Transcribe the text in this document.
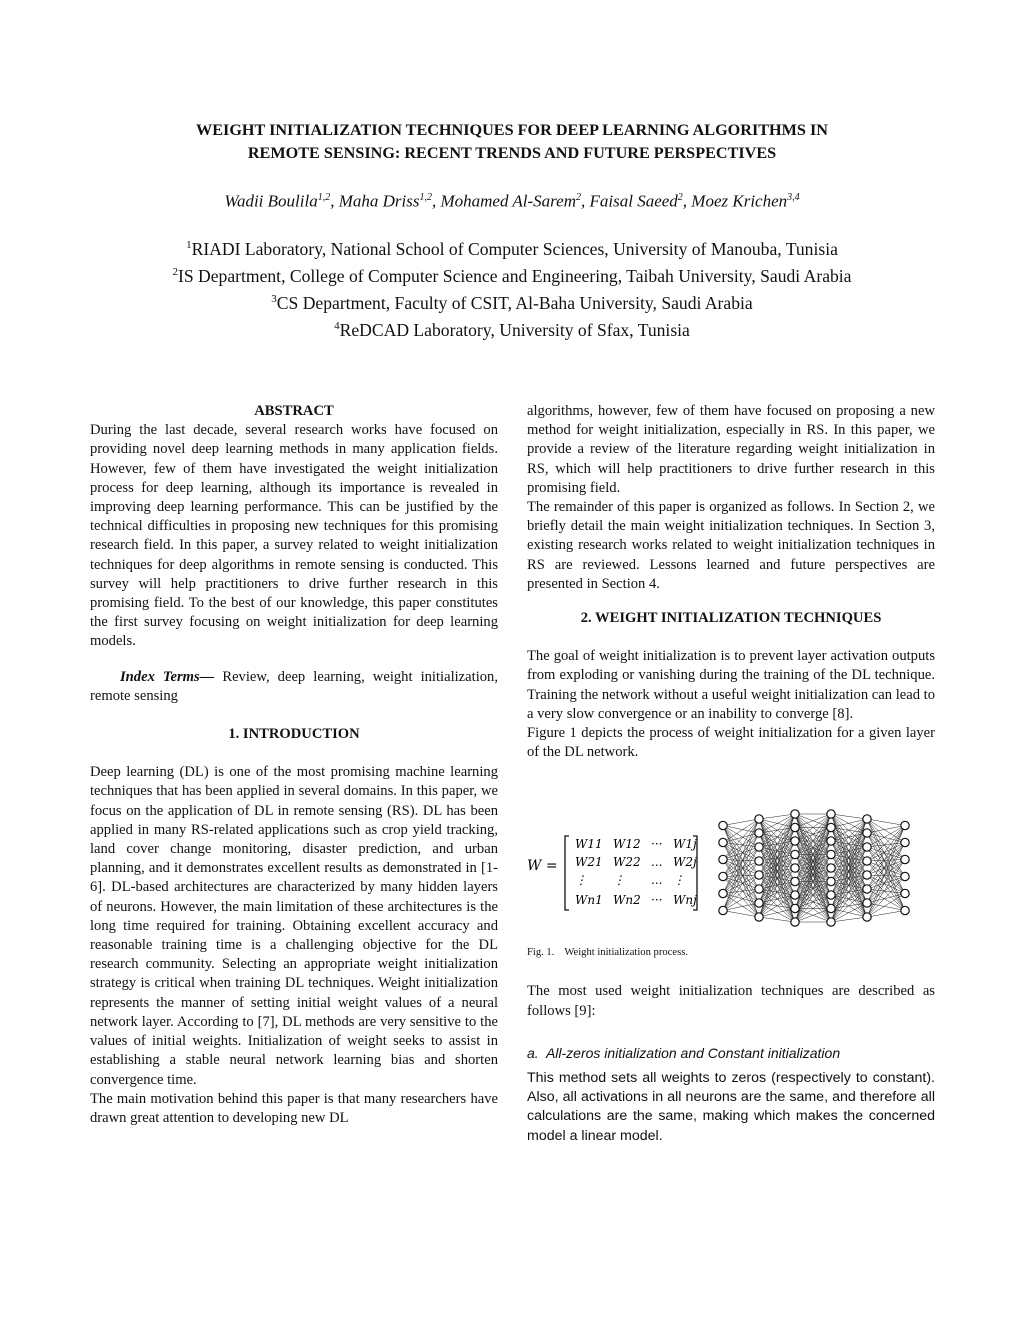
WEIGHT INITIALIZATION TECHNIQUES FOR DEEP LEARNING ALGORITHMS IN
REMOTE SENSING: RECENT TRENDS AND FUTURE PERSPECTIVES
Wadii Boulila$^{1,2}$, Maha Driss$^{1,2}$, Mohamed Al-Sarem$^2$, Faisal Saeed$^2$, Moez Krichen$^{3,4}$
$^1$RIADI Laboratory, National School of Computer Sciences, University of Manouba, Tunisia
$^2$IS Department, College of Computer Science and Engineering, Taibah University, Saudi Arabia
$^3$CS Department, Faculty of CSIT, Al-Baha University, Saudi Arabia
$^4$ReDCAD Laboratory, University of Sfax, Tunisia
ABSTRACT

During the last decade, several research works have focused on providing novel deep learning methods in many application fields. However, few of them have investigated the weight initialization process for deep learning, although its importance is revealed in improving deep learning performance. This can be justified by the technical difficulties in proposing new techniques for this promising research field. In this paper, a survey related to weight initialization techniques for deep algorithms in remote sensing is conducted. This survey will help practitioners to drive further research in this promising field. To the best of our knowledge, this paper constitutes the first survey focusing on weight initialization for deep learning models.

Index Terms— Review, deep learning, weight initialization, remote sensing

1. INTRODUCTION

Deep learning (DL) is one of the most promising machine learning techniques that has been applied in several domains. In this paper, we focus on the application of DL in remote sensing (RS). DL has been applied in many RS-related applications such as crop yield tracking, land cover change monitoring, disaster prediction, and urban planning, and it demonstrates excellent results as demonstrated in [1-6]. DL-based architectures are characterized by many hidden layers of neurons. However, the main limitation of these architectures is the long time required for training. Obtaining excellent accuracy and reasonable training time is a challenging objective for the DL research community. Selecting an appropriate weight initialization strategy is critical when training DL techniques. Weight initialization represents the manner of setting initial weight values of a neural network layer. According to [7], DL methods are very sensitive to the values of initial weights. Initialization of weight seeks to assist in establishing a stable neural network learning bias and shorten convergence time.

The main motivation behind this paper is that many researchers have drawn great attention to developing new DL

algorithms, however, few of them have focused on proposing a new method for weight initialization, especially in RS. In this paper, we provide a review of the literature regarding weight initialization in RS, which will help practitioners to drive further research in this promising field.

The remainder of this paper is organized as follows. In Section 2, we briefly detail the main weight initialization techniques. In Section 3, existing research works related to weight initialization techniques in RS are reviewed. Lessons learned and future perspectives are presented in Section 4.

2. WEIGHT INITIALIZATION TECHNIQUES

The goal of weight initialization is to prevent layer activation outputs from exploding or vanishing during the training of the DL technique. Training the network without a useful weight initialization can lead to a very slow convergence or an inability to converge [8].

Figure 1 depicts the process of weight initialization for a given layer of the DL network.

W =
W11 W12 ··· W1j
W21 W22 ... W2j
⋮ ⋮ ... ⋮
Wn1 Wn2 ··· Wnj
Fig. 1. Weight initialization process.

The most used weight initialization techniques are described as follows [9]:

a. All-zeros initialization and Constant initialization

This method sets all weights to zeros (respectively to constant). Also, all activations in all neurons are the same, and therefore all calculations are the same, making which makes the concerned model a linear model.
